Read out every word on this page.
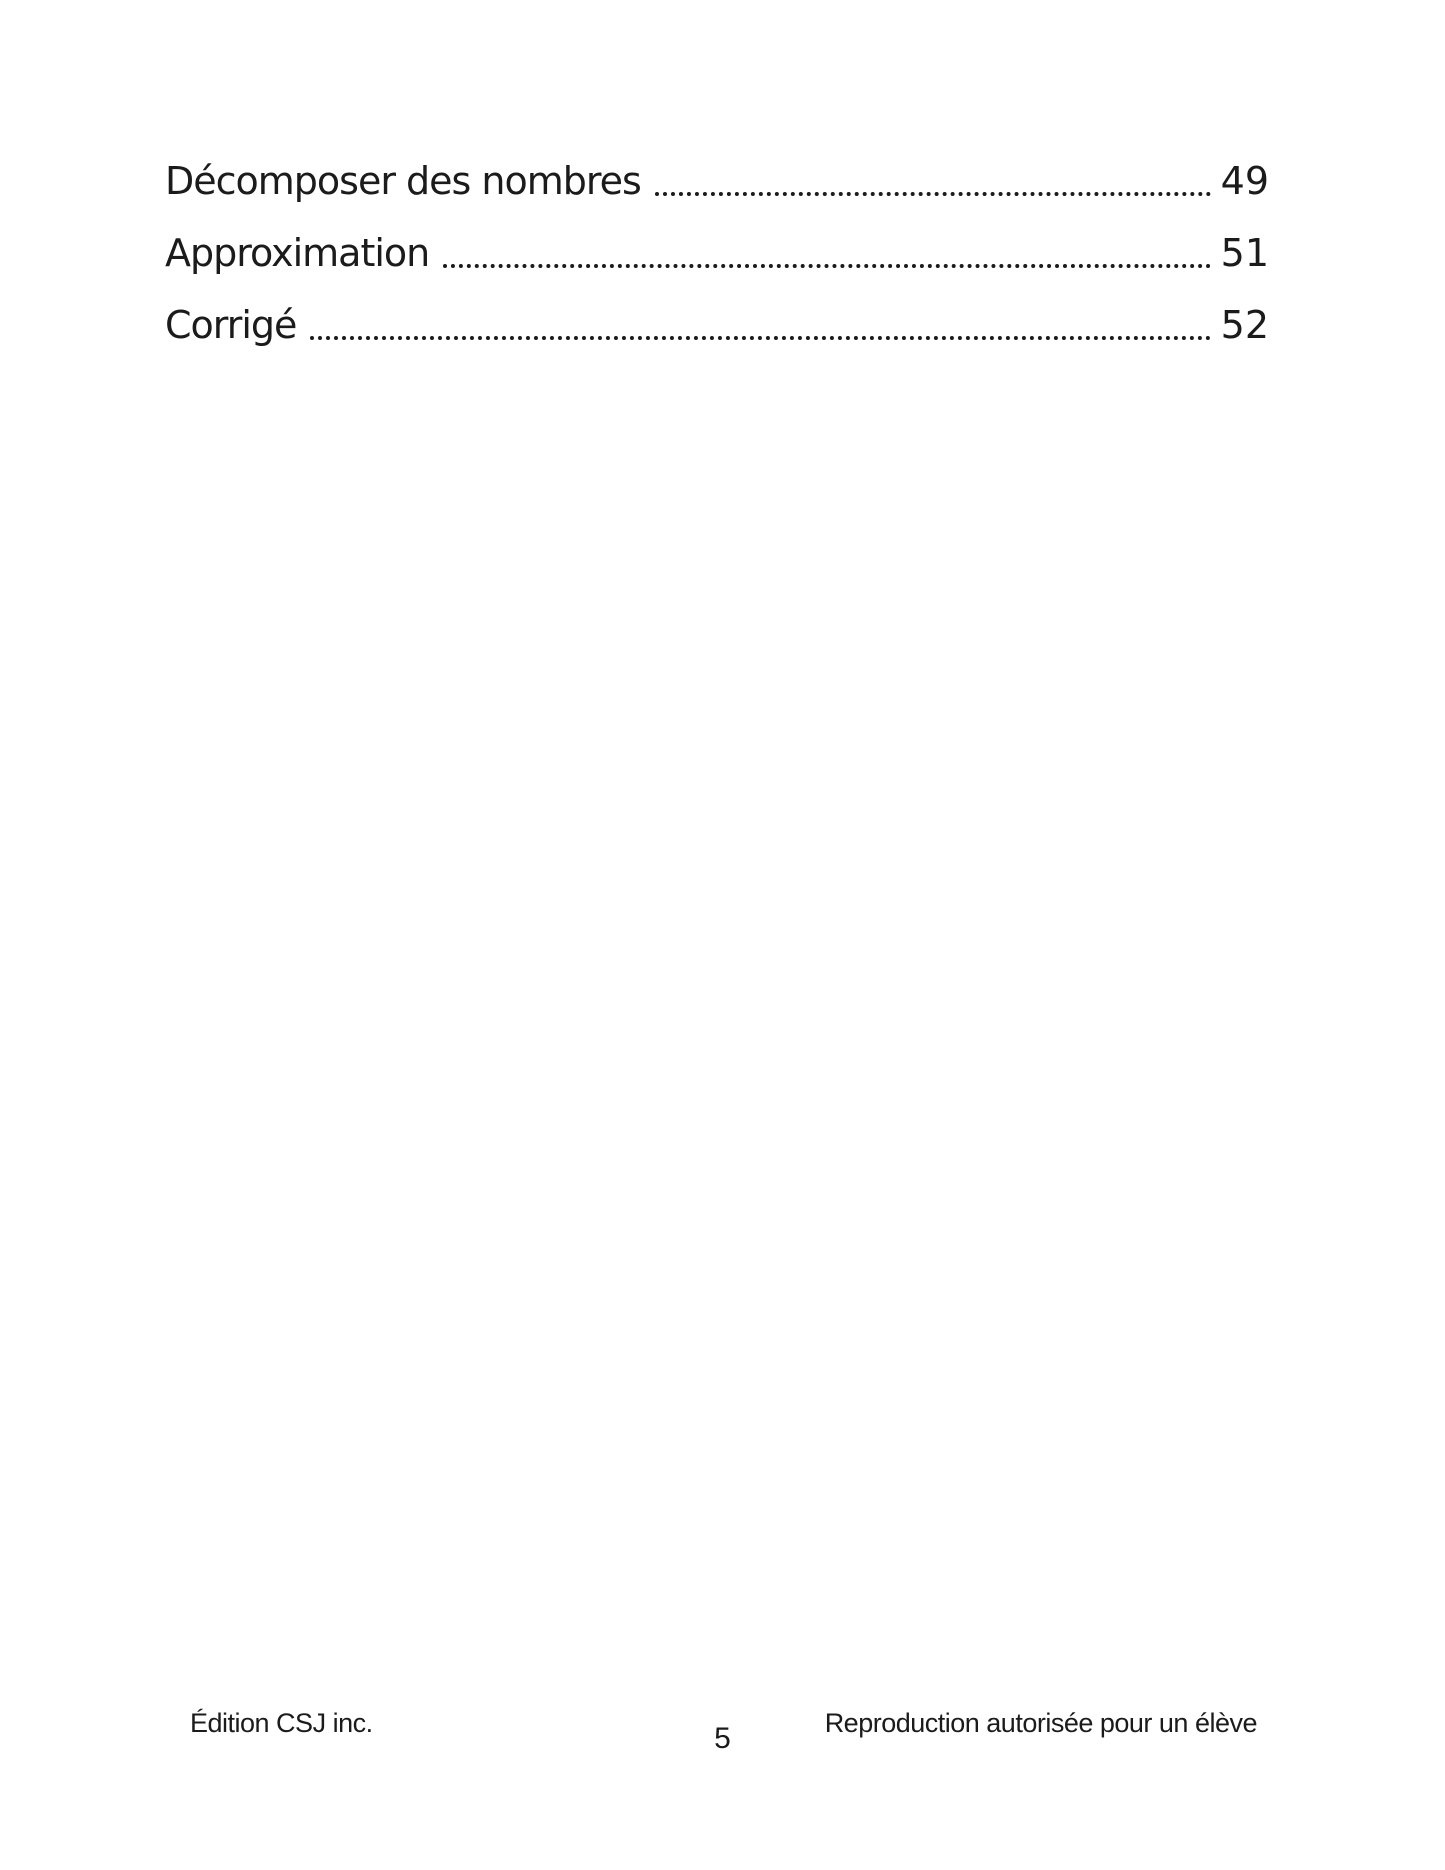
Décomposer des nombres	49
Approximation	51
Corrigé	52
Édition CSJ inc.	5	Reproduction autorisée pour un élève
